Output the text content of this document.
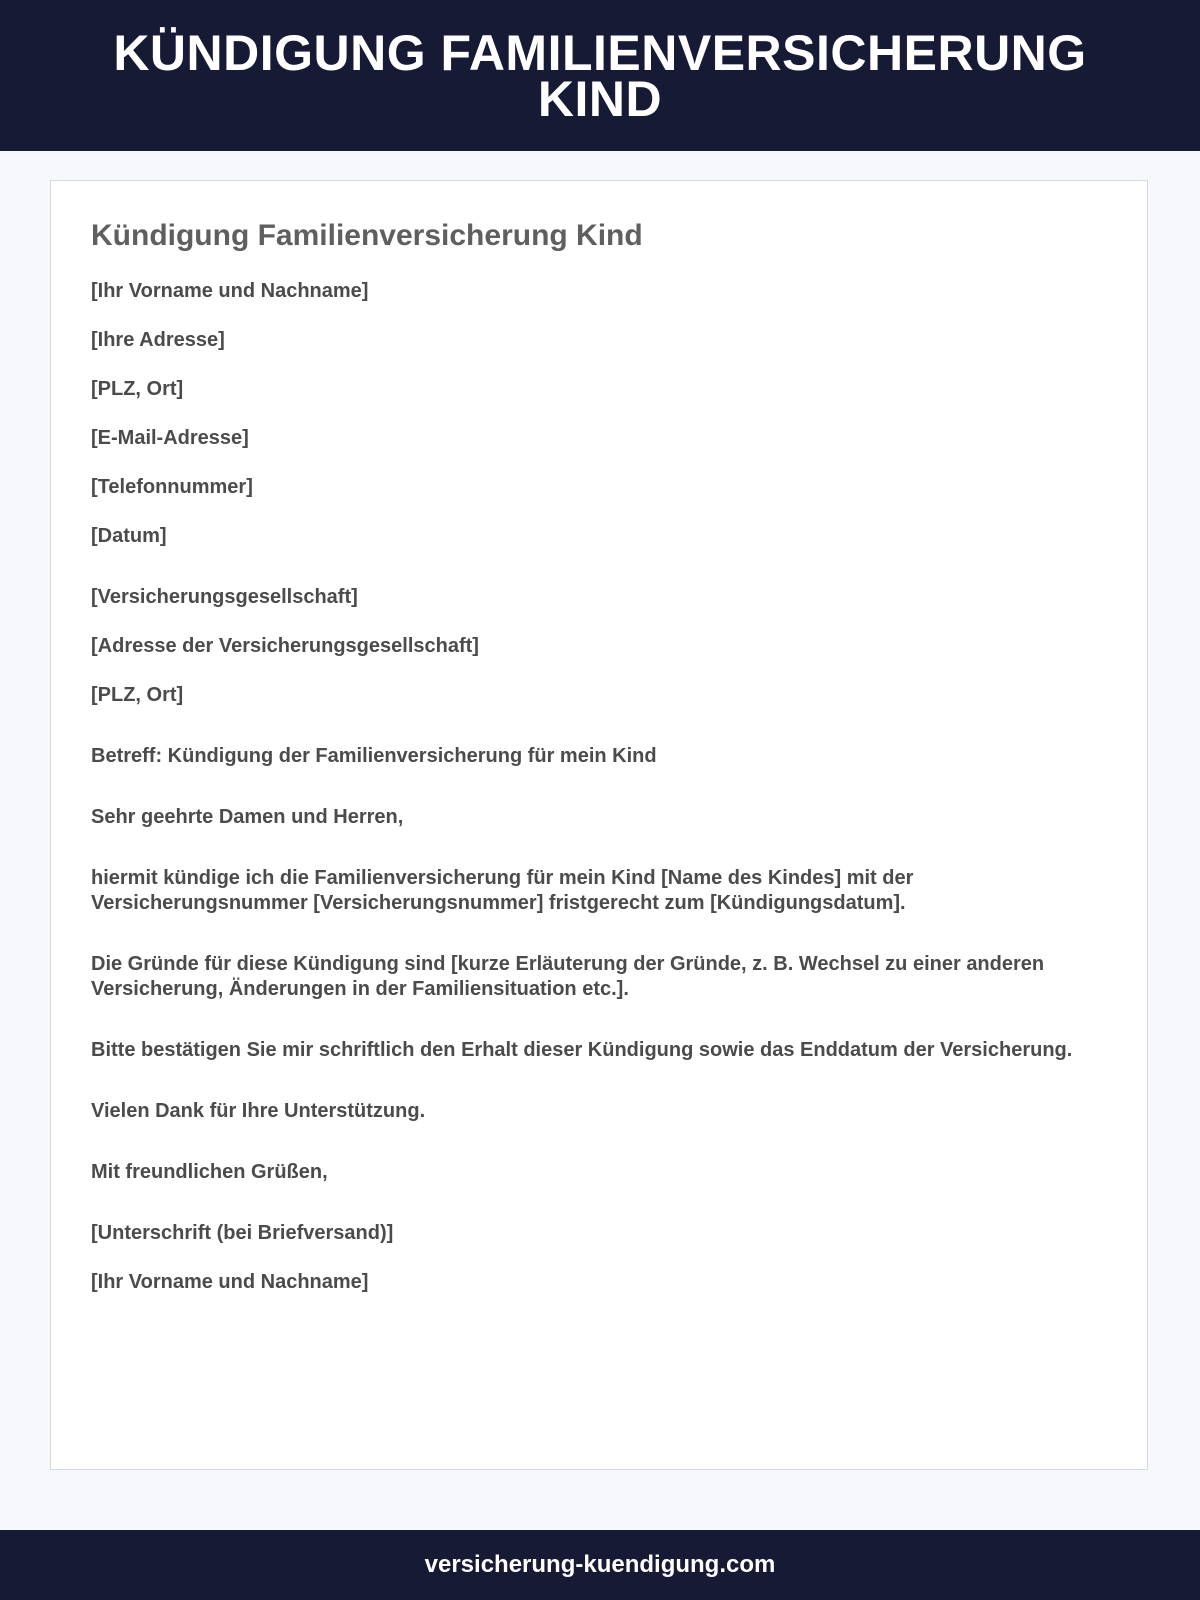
KÜNDIGUNG FAMILIENVERSICHERUNG KIND
Kündigung Familienversicherung Kind

[Ihr Vorname und Nachname]

[Ihre Adresse]

[PLZ, Ort]

[E-Mail-Adresse]

[Telefonnummer]

[Datum]

[Versicherungsgesellschaft]

[Adresse der Versicherungsgesellschaft]

[PLZ, Ort]

Betreff: Kündigung der Familienversicherung für mein Kind

Sehr geehrte Damen und Herren,

hiermit kündige ich die Familienversicherung für mein Kind [Name des Kindes] mit der Versicherungsnummer [Versicherungsnummer] fristgerecht zum [Kündigungsdatum].

Die Gründe für diese Kündigung sind [kurze Erläuterung der Gründe, z. B. Wechsel zu einer anderen Versicherung, Änderungen in der Familiensituation etc.].

Bitte bestätigen Sie mir schriftlich den Erhalt dieser Kündigung sowie das Enddatum der Versicherung.

Vielen Dank für Ihre Unterstützung.

Mit freundlichen Grüßen,

[Unterschrift (bei Briefversand)]

[Ihr Vorname und Nachname]

versicherung-kuendigung.com
